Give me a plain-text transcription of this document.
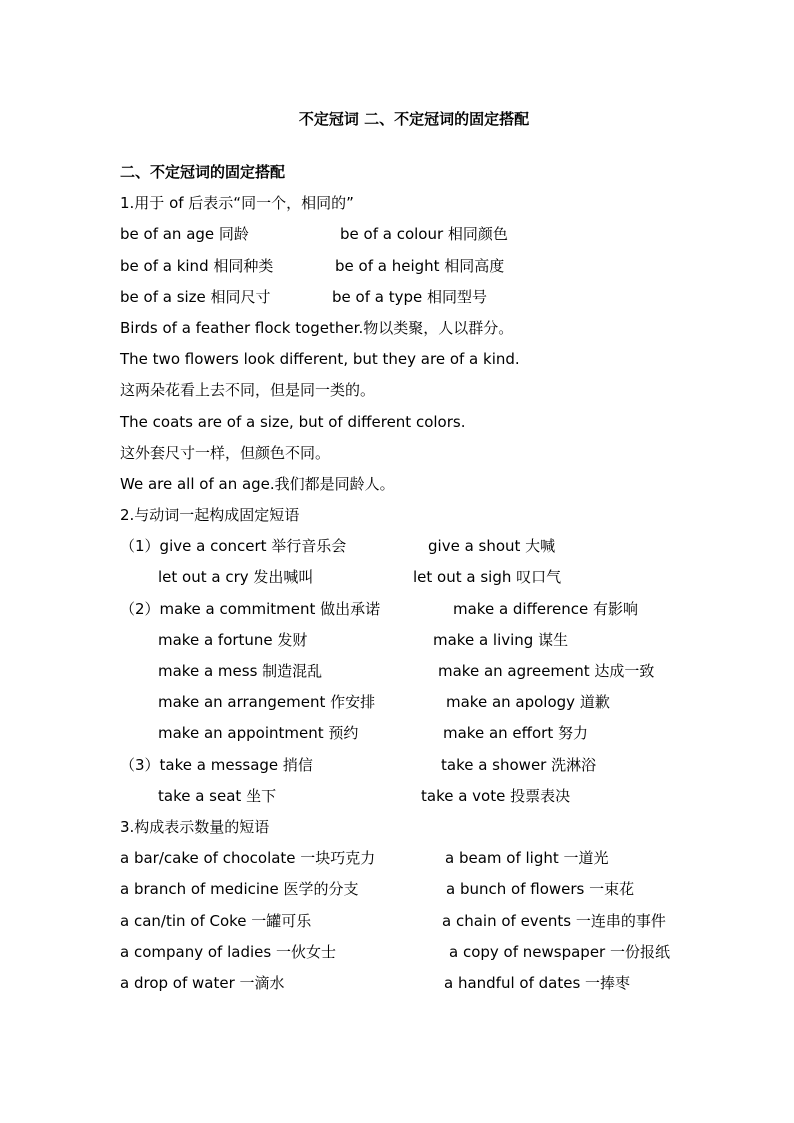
不定冠词 二、不定冠词的固定搭配
二、不定冠词的固定搭配
1.用于 of 后表示“同一个，相同的”
be of an age 同龄	be of a colour 相同颜色
be of a kind 相同种类	be of a height 相同高度
be of a size 相同尺寸	be of a type 相同型号
Birds of a feather flock together.物以类聚，人以群分。
The two flowers look different, but they are of a kind.
这两朵花看上去不同，但是同一类的。
The coats are of a size, but of different colors.
这外套尺寸一样，但颜色不同。
We are all of an age.我们都是同龄人。
2.与动词一起构成固定短语
（1）give a concert 举行音乐会	give a shout 大喊
let out a cry 发出喊叫	let out a sigh 叹口气
（2）make a commitment 做出承诺	make a difference 有影响
make a fortune 发财	make a living 谋生
make a mess 制造混乱	make an agreement 达成一致
make an arrangement 作安排	make an apology 道歉
make an appointment 预约	make an effort 努力
（3）take a message 捎信	take a shower 洗淋浴
take a seat 坐下	take a vote 投票表决
3.构成表示数量的短语
a bar/cake of chocolate 一块巧克力	a beam of light 一道光
a branch of medicine 医学的分支	a bunch of flowers 一束花
a can/tin of Coke 一罐可乐	a chain of events 一连串的事件
a company of ladies 一伙女士	a copy of newspaper 一份报纸
a drop of water 一滴水	a handful of dates 一捧枣
